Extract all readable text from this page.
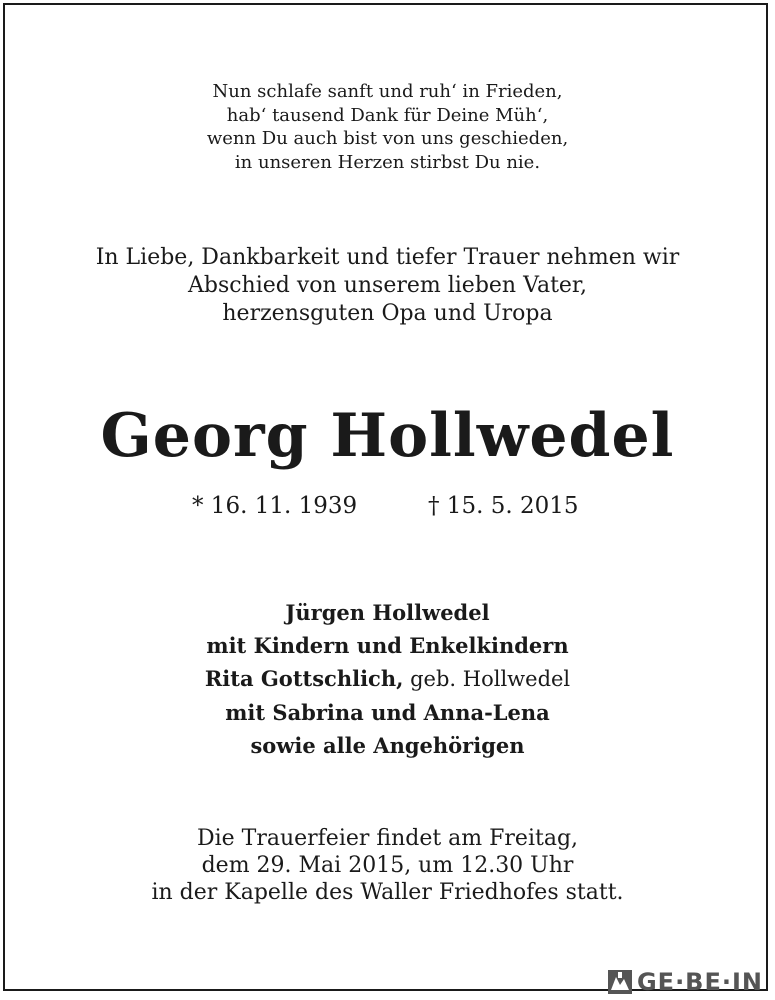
Nun schlafe sanft und ruh‘ in Frieden,
hab‘ tausend Dank für Deine Müh‘,
wenn Du auch bist von uns geschieden,
in unseren Herzen stirbst Du nie.
In Liebe, Dankbarkeit und tiefer Trauer nehmen wir
Abschied von unserem lieben Vater,
herzensguten Opa und Uropa
Georg Hollwedel
* 16. 11. 1939	† 15. 5. 2015
Jürgen Hollwedel
mit Kindern und Enkelkindern
Rita Gottschlich, geb. Hollwedel
mit Sabrina und Anna-Lena
sowie alle Angehörigen
Die Trauerfeier findet am Freitag,
dem 29. Mai 2015, um 12.30 Uhr
in der Kapelle des Waller Friedhofes statt.
GE·BE·IN
